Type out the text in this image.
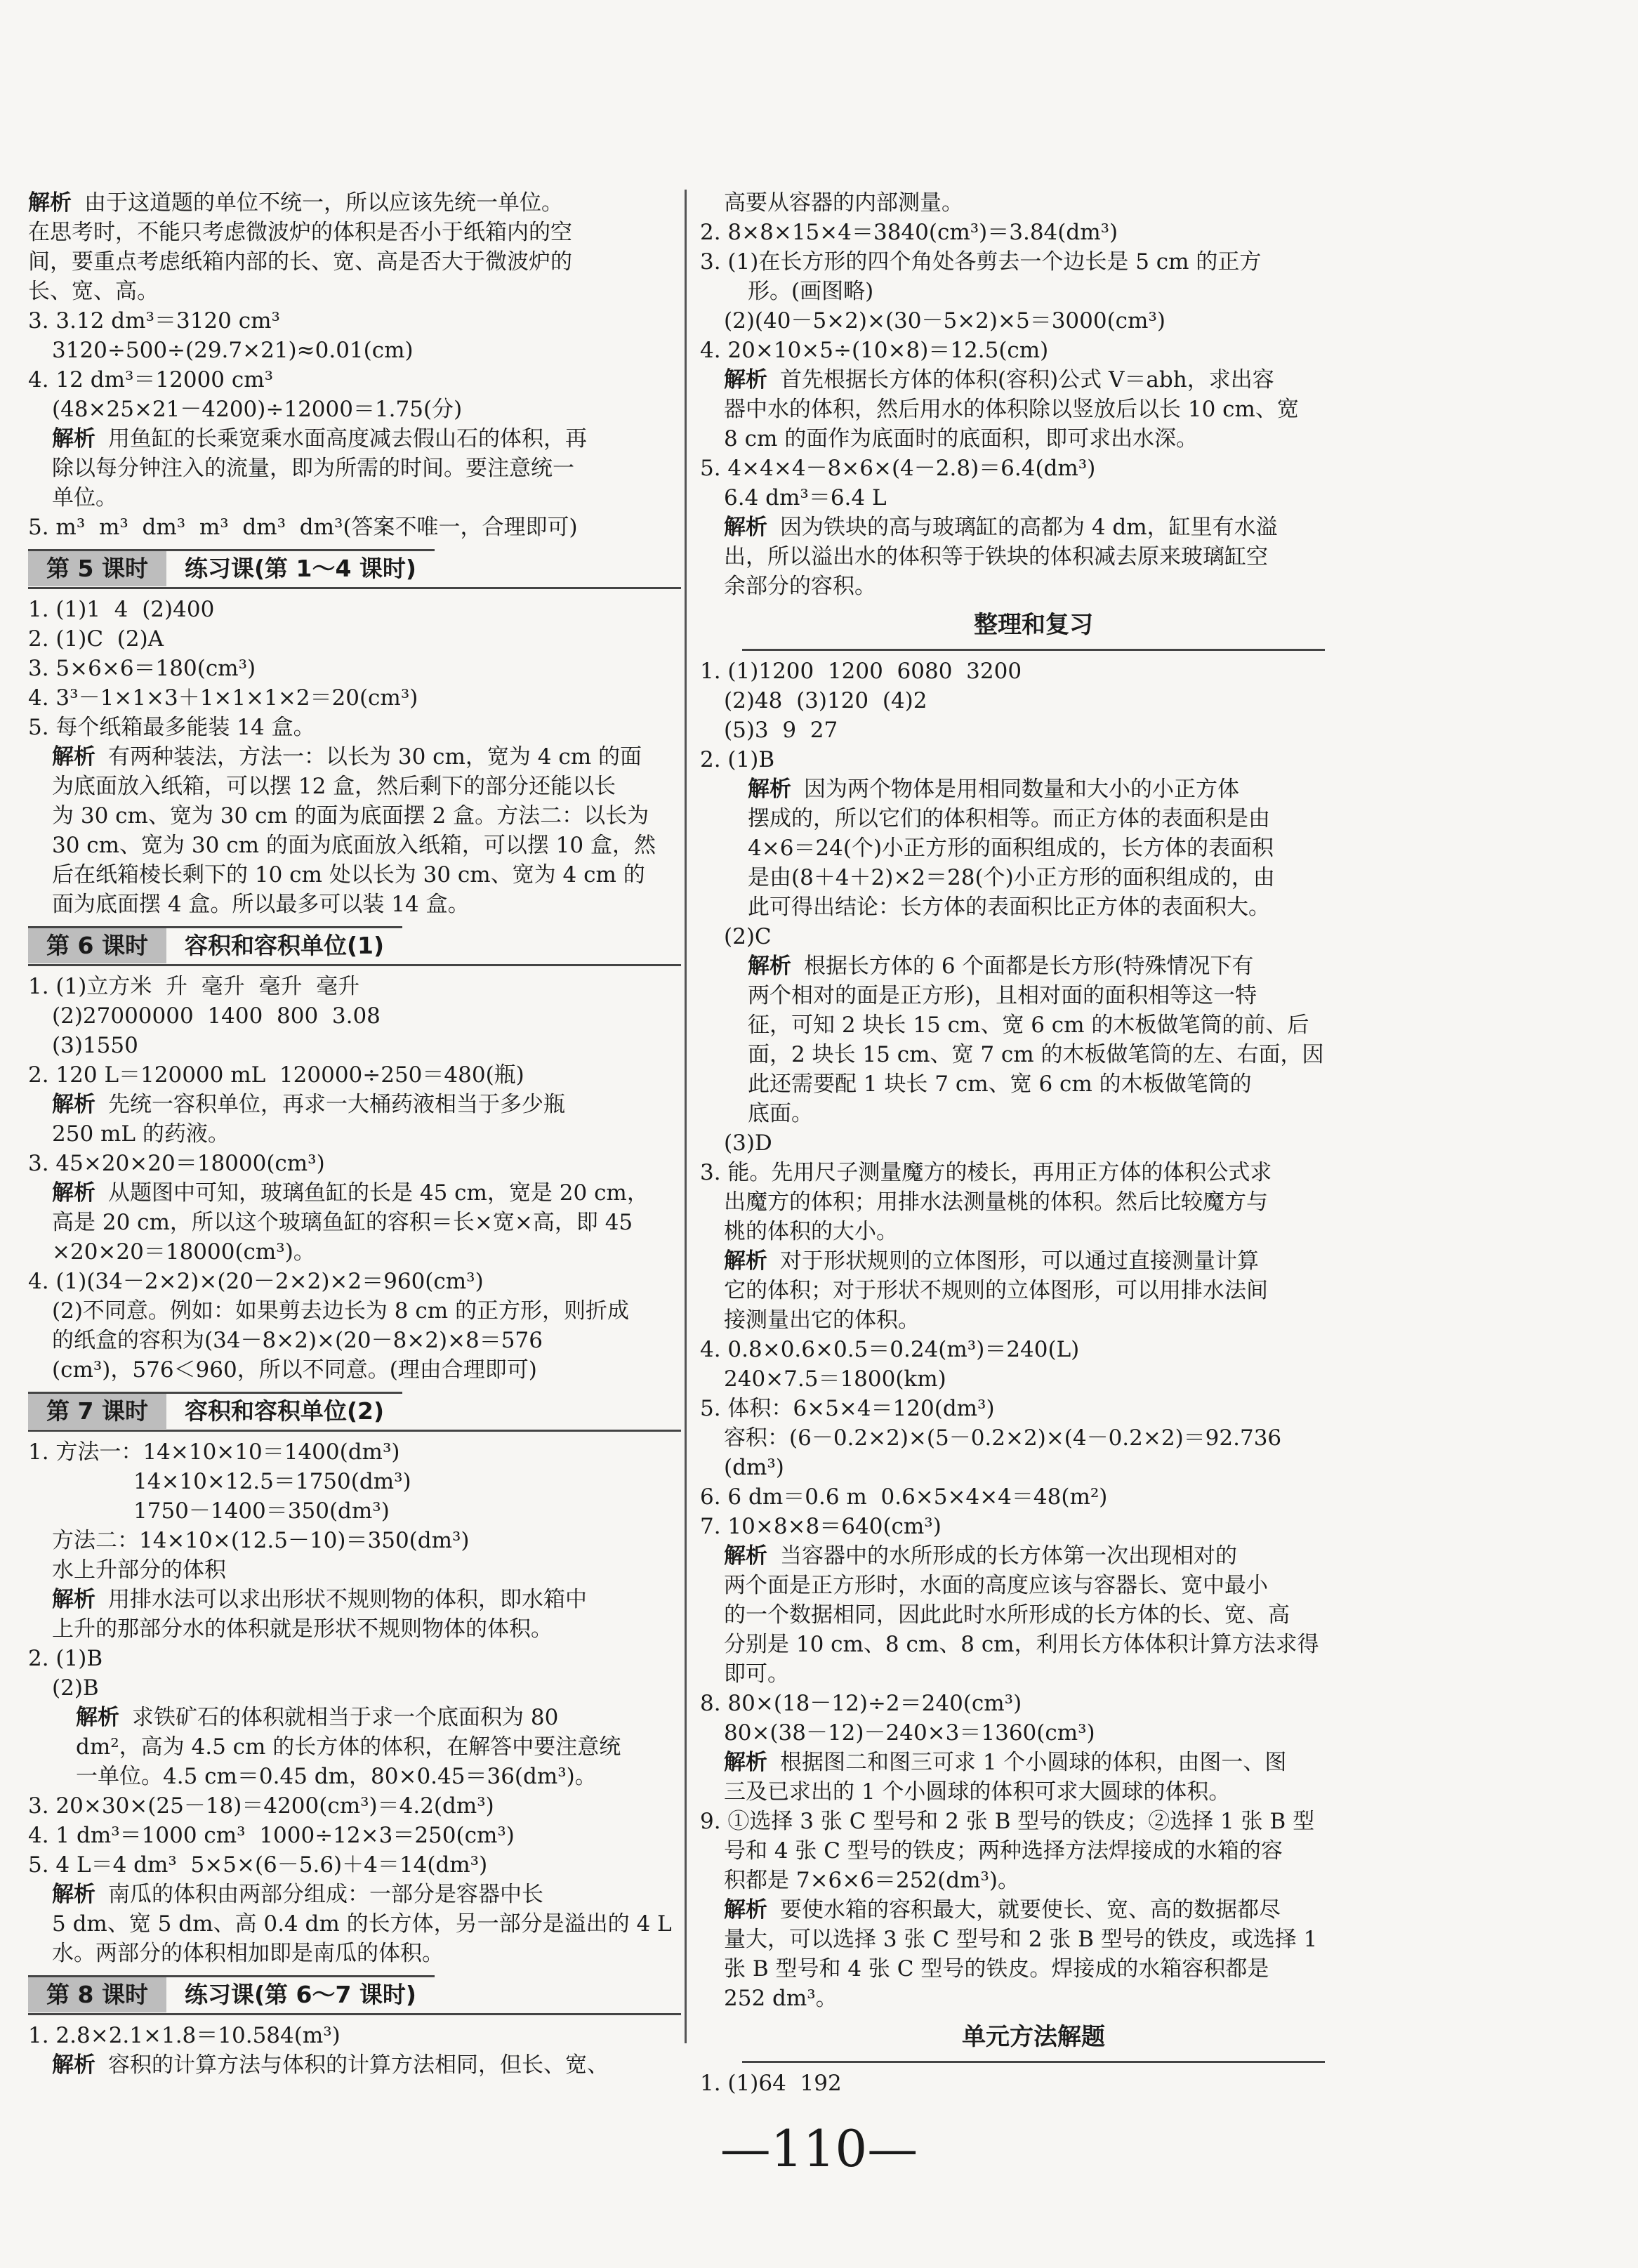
解析 由于这道题的单位不统一，所以应该先统一单位。
在思考时，不能只考虑微波炉的体积是否小于纸箱内的空
间，要重点考虑纸箱内部的长、宽、高是否大于微波炉的
长、宽、高。
3. 3.12 dm³＝3120 cm³
3120÷500÷(29.7×21)≈0.01(cm)
4. 12 dm³＝12000 cm³
(48×25×21－4200)÷12000＝1.75(分)
解析 用鱼缸的长乘宽乘水面高度减去假山石的体积，再
除以每分钟注入的流量，即为所需的时间。要注意统一
单位。
5. m³  m³  dm³  m³  dm³  dm³(答案不唯一，合理即可)
第 5 课时	练习课(第 1～4 课时)
1. (1)1  4  (2)400
2. (1)C  (2)A
3. 5×6×6＝180(cm³)
4. 3³－1×1×3＋1×1×1×2＝20(cm³)
5. 每个纸箱最多能装 14 盒。
解析 有两种装法，方法一：以长为 30 cm，宽为 4 cm 的面
为底面放入纸箱，可以摆 12 盒，然后剩下的部分还能以长
为 30 cm、宽为 30 cm 的面为底面摆 2 盒。方法二：以长为
30 cm、宽为 30 cm 的面为底面放入纸箱，可以摆 10 盒，然
后在纸箱棱长剩下的 10 cm 处以长为 30 cm、宽为 4 cm 的
面为底面摆 4 盒。所以最多可以装 14 盒。
第 6 课时	容积和容积单位(1)
1. (1)立方米  升  毫升  毫升  毫升
(2)27000000  1400  800  3.08
(3)1550
2. 120 L＝120000 mL  120000÷250＝480(瓶)
解析 先统一容积单位，再求一大桶药液相当于多少瓶
250 mL 的药液。
3. 45×20×20＝18000(cm³)
解析 从题图中可知，玻璃鱼缸的长是 45 cm，宽是 20 cm，
高是 20 cm，所以这个玻璃鱼缸的容积＝长×宽×高，即 45
×20×20＝18000(cm³)。
4. (1)(34－2×2)×(20－2×2)×2＝960(cm³)
(2)不同意。例如：如果剪去边长为 8 cm 的正方形，则折成
的纸盒的容积为(34－8×2)×(20－8×2)×8＝576
(cm³)，576＜960，所以不同意。(理由合理即可)
第 7 课时	容积和容积单位(2)
1. 方法一：14×10×10＝1400(dm³)
14×10×12.5＝1750(dm³)
1750－1400＝350(dm³)
方法二：14×10×(12.5－10)＝350(dm³)
水上升部分的体积
解析 用排水法可以求出形状不规则物的体积，即水箱中
上升的那部分水的体积就是形状不规则物体的体积。
2. (1)B
(2)B
解析 求铁矿石的体积就相当于求一个底面积为 80
dm²，高为 4.5 cm 的长方体的体积，在解答中要注意统
一单位。4.5 cm＝0.45 dm，80×0.45＝36(dm³)。
3. 20×30×(25－18)＝4200(cm³)＝4.2(dm³)
4. 1 dm³＝1000 cm³  1000÷12×3＝250(cm³)
5. 4 L＝4 dm³  5×5×(6－5.6)＋4＝14(dm³)
解析 南瓜的体积由两部分组成：一部分是容器中长
5 dm、宽 5 dm、高 0.4 dm 的长方体，另一部分是溢出的 4 L
水。两部分的体积相加即是南瓜的体积。
第 8 课时	练习课(第 6～7 课时)
1. 2.8×2.1×1.8＝10.584(m³)
解析 容积的计算方法与体积的计算方法相同，但长、宽、
高要从容器的内部测量。
2. 8×8×15×4＝3840(cm³)＝3.84(dm³)
3. (1)在长方形的四个角处各剪去一个边长是 5 cm 的正方
形。(画图略)
(2)(40－5×2)×(30－5×2)×5＝3000(cm³)
4. 20×10×5÷(10×8)＝12.5(cm)
解析 首先根据长方体的体积(容积)公式 V＝abh，求出容
器中水的体积，然后用水的体积除以竖放后以长 10 cm、宽
8 cm 的面作为底面时的底面积，即可求出水深。
5. 4×4×4－8×6×(4－2.8)＝6.4(dm³)
6.4 dm³＝6.4 L
解析 因为铁块的高与玻璃缸的高都为 4 dm，缸里有水溢
出，所以溢出水的体积等于铁块的体积减去原来玻璃缸空
余部分的容积。
整理和复习
1. (1)1200  1200  6080  3200
(2)48  (3)120  (4)2
(5)3  9  27
2. (1)B
解析 因为两个物体是用相同数量和大小的小正方体
摆成的，所以它们的体积相等。而正方体的表面积是由
4×6＝24(个)小正方形的面积组成的，长方体的表面积
是由(8＋4＋2)×2＝28(个)小正方形的面积组成的，由
此可得出结论：长方体的表面积比正方体的表面积大。
(2)C
解析 根据长方体的 6 个面都是长方形(特殊情况下有
两个相对的面是正方形)，且相对面的面积相等这一特
征，可知 2 块长 15 cm、宽 6 cm 的木板做笔筒的前、后
面，2 块长 15 cm、宽 7 cm 的木板做笔筒的左、右面，因
此还需要配 1 块长 7 cm、宽 6 cm 的木板做笔筒的
底面。
(3)D
3. 能。先用尺子测量魔方的棱长，再用正方体的体积公式求
出魔方的体积；用排水法测量桃的体积。然后比较魔方与
桃的体积的大小。
解析 对于形状规则的立体图形，可以通过直接测量计算
它的体积；对于形状不规则的立体图形，可以用排水法间
接测量出它的体积。
4. 0.8×0.6×0.5＝0.24(m³)＝240(L)
240×7.5＝1800(km)
5. 体积：6×5×4＝120(dm³)
容积：(6－0.2×2)×(5－0.2×2)×(4－0.2×2)＝92.736
(dm³)
6. 6 dm＝0.6 m  0.6×5×4×4＝48(m²)
7. 10×8×8＝640(cm³)
解析 当容器中的水所形成的长方体第一次出现相对的
两个面是正方形时，水面的高度应该与容器长、宽中最小
的一个数据相同，因此此时水所形成的长方体的长、宽、高
分别是 10 cm、8 cm、8 cm，利用长方体体积计算方法求得
即可。
8. 80×(18－12)÷2＝240(cm³)
80×(38－12)－240×3＝1360(cm³)
解析 根据图二和图三可求 1 个小圆球的体积，由图一、图
三及已求出的 1 个小圆球的体积可求大圆球的体积。
9. ①选择 3 张 C 型号和 2 张 B 型号的铁皮；②选择 1 张 B 型
号和 4 张 C 型号的铁皮；两种选择方法焊接成的水箱的容
积都是 7×6×6＝252(dm³)。
解析 要使水箱的容积最大，就要使长、宽、高的数据都尽
量大，可以选择 3 张 C 型号和 2 张 B 型号的铁皮，或选择 1
张 B 型号和 4 张 C 型号的铁皮。焊接成的水箱容积都是
252 dm³。
单元方法解题
1. (1)64  192
—110—
